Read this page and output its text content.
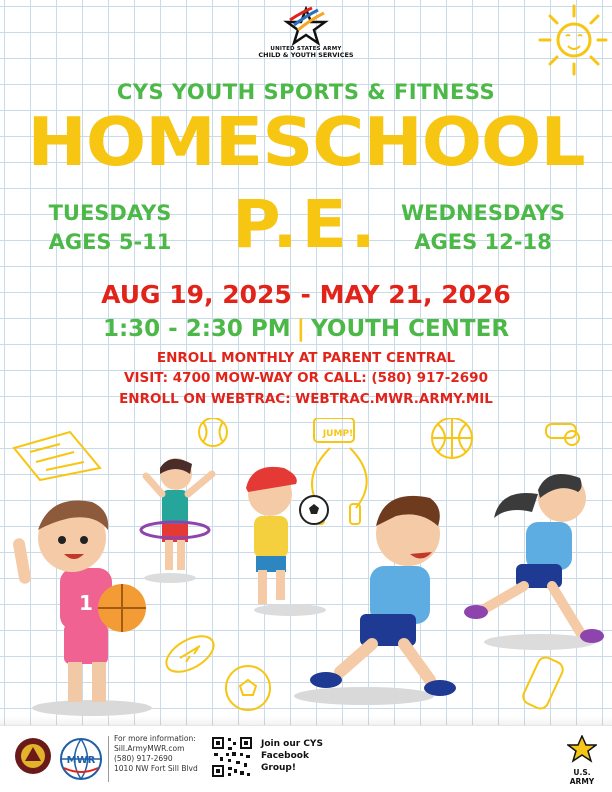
UNITED STATES ARMY
CHILD & YOUTH SERVICES
CYS YOUTH SPORTS & FITNESS
HOMESCHOOL
P.E.
TUESDAYS
AGES 5-11
WEDNESDAYS
AGES 12-18
AUG 19, 2025 - MAY 21, 2026
1:30 - 2:30 PM | YOUTH CENTER
ENROLL MONTHLY AT PARENT CENTRAL
VISIT: 4700 MOW-WAY OR CALL: (580) 917-2690
ENROLL ON WEBTRAC: WEBTRAC.MWR.ARMY.MIL
1
JUMP!
MWR
For more information:
Sill.ArmyMWR.com
(580) 917-2690
1010 NW Fort Sill Blvd
Join our CYS
Facebook
Group!	U.S. ARMY
